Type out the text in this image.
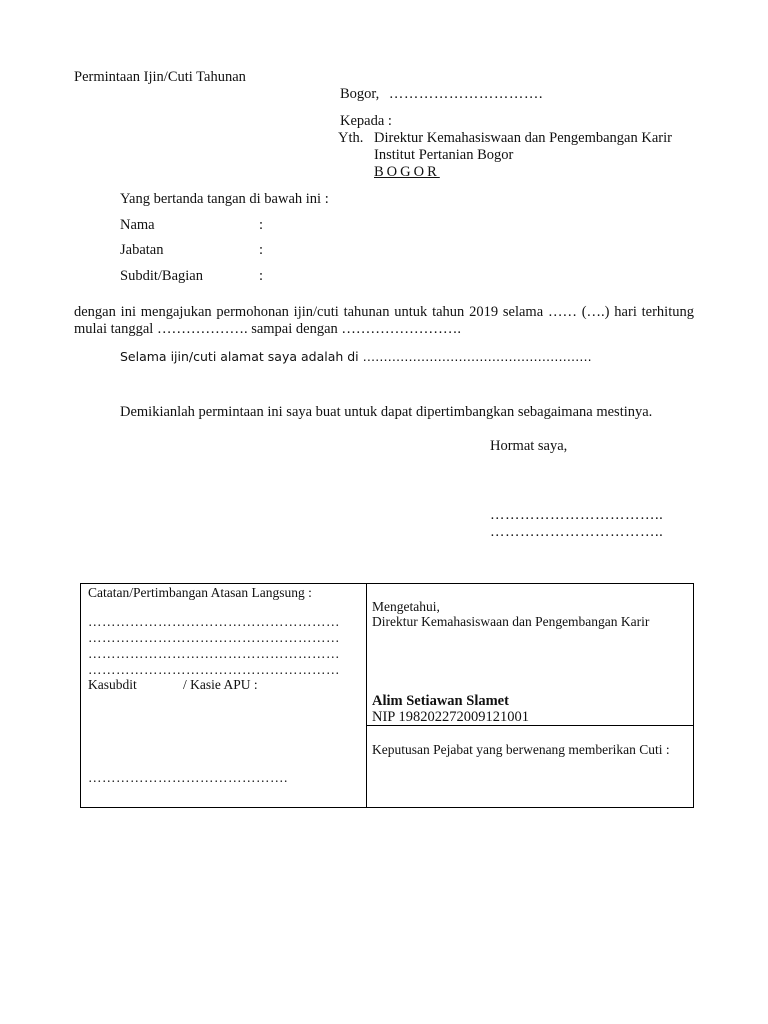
Permintaan Ijin/Cuti Tahunan
Bogor, ………………………….
Kepada :
Yth. Direktur Kemahasiswaan dan Pengembangan Karir
Institut Pertanian Bogor
BOGOR
Yang bertanda tangan di bawah ini :
Nama	:
Jabatan	:
Subdit/Bagian	:
dengan ini mengajukan permohonan ijin/cuti tahunan untuk tahun 2019 selama …… (….) hari terhitung mulai tanggal ………………. sampai dengan …………………….
Selama ijin/cuti alamat saya adalah di ……………………………………………….
Demikianlah permintaan ini saya buat untuk dapat dipertimbangkan sebagaimana mestinya.
Hormat saya,
……………………………..
……………………………..
Catatan/Pertimbangan Atasan Langsung :
………………………………………………
………………………………………………
………………………………………………
………………………………………………
Kasubdit	/ Kasie APU :
…………………………………….
Mengetahui,
Direktur Kemahasiswaan dan Pengembangan Karir
Alim Setiawan Slamet
NIP 198202272009121001
Keputusan Pejabat yang berwenang memberikan Cuti :
